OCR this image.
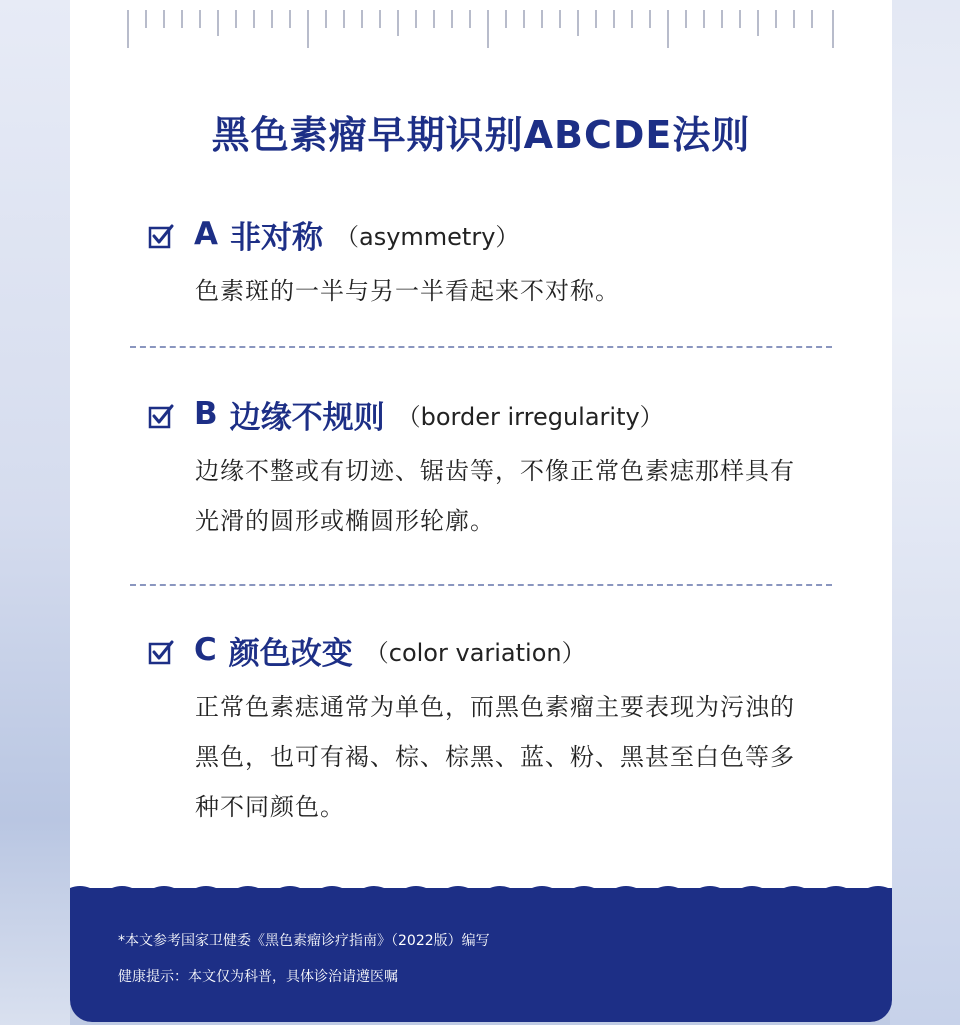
黑色素瘤早期识别ABCDE法则
A 非对称 （asymmetry）
色素斑的一半与另一半看起来不对称。
B 边缘不规则 （border irregularity）
边缘不整或有切迹、锯齿等，不像正常色素痣那样具有光滑的圆形或椭圆形轮廓。
C 颜色改变 （color variation）
正常色素痣通常为单色，而黑色素瘤主要表现为污浊的黑色，也可有褐、棕、棕黑、蓝、粉、黑甚至白色等多种不同颜色。
*本文参考国家卫健委《黑色素瘤诊疗指南》（2022版）编写
健康提示：本文仅为科普，具体诊治请遵医嘱
